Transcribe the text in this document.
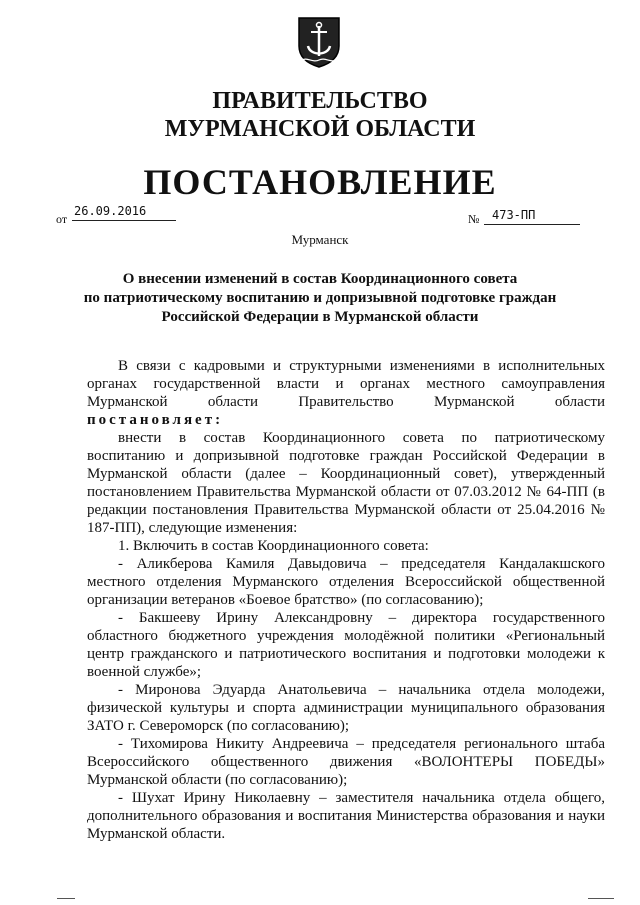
ПРАВИТЕЛЬСТВО
МУРМАНСКОЙ ОБЛАСТИ
ПОСТАНОВЛЕНИЕ
от
26.09.2016
№ 473-ПП
Мурманск
О внесении изменений в состав Координационного совета
по патриотическому воспитанию и допризывной подготовке граждан
Российской Федерации в Мурманской области
В связи с кадровыми и структурными изменениями в исполнительных
органах государственной власти и органах местного самоуправления
Мурманской области Правительство Мурманской области
постановляет:
внести в состав Координационного совета по патриотическому
воспитанию и допризывной подготовке граждан Российской Федерации в
Мурманской области (далее – Координационный совет), утвержденный
постановлением Правительства Мурманской области от 07.03.2012 № 64-ПП (в
редакции постановления Правительства Мурманской области от 25.04.2016 №
187-ПП), следующие изменения:
1. Включить в состав Координационного совета:
- Аликберова Камиля Давыдовича – председателя Кандалакшского
местного отделения Мурманского отделения Всероссийской общественной
организации ветеранов «Боевое братство» (по согласованию);
- Бакшееву Ирину Александровну – директора государственного
областного бюджетного учреждения молодёжной политики «Региональный
центр гражданского и патриотического воспитания и подготовки молодежи к
военной службе»;
- Миронова Эдуарда Анатольевича – начальника отдела молодежи,
физической культуры и спорта администрации муниципального образования
ЗАТО г. Североморск (по согласованию);
- Тихомирова Никиту Андреевича – председателя регионального штаба
Всероссийского общественного движения «ВОЛОНТЕРЫ ПОБЕДЫ»
Мурманской области (по согласованию);
- Шухат Ирину Николаевну – заместителя начальника отдела общего,
дополнительного образования и воспитания Министерства образования и науки
Мурманской области.
